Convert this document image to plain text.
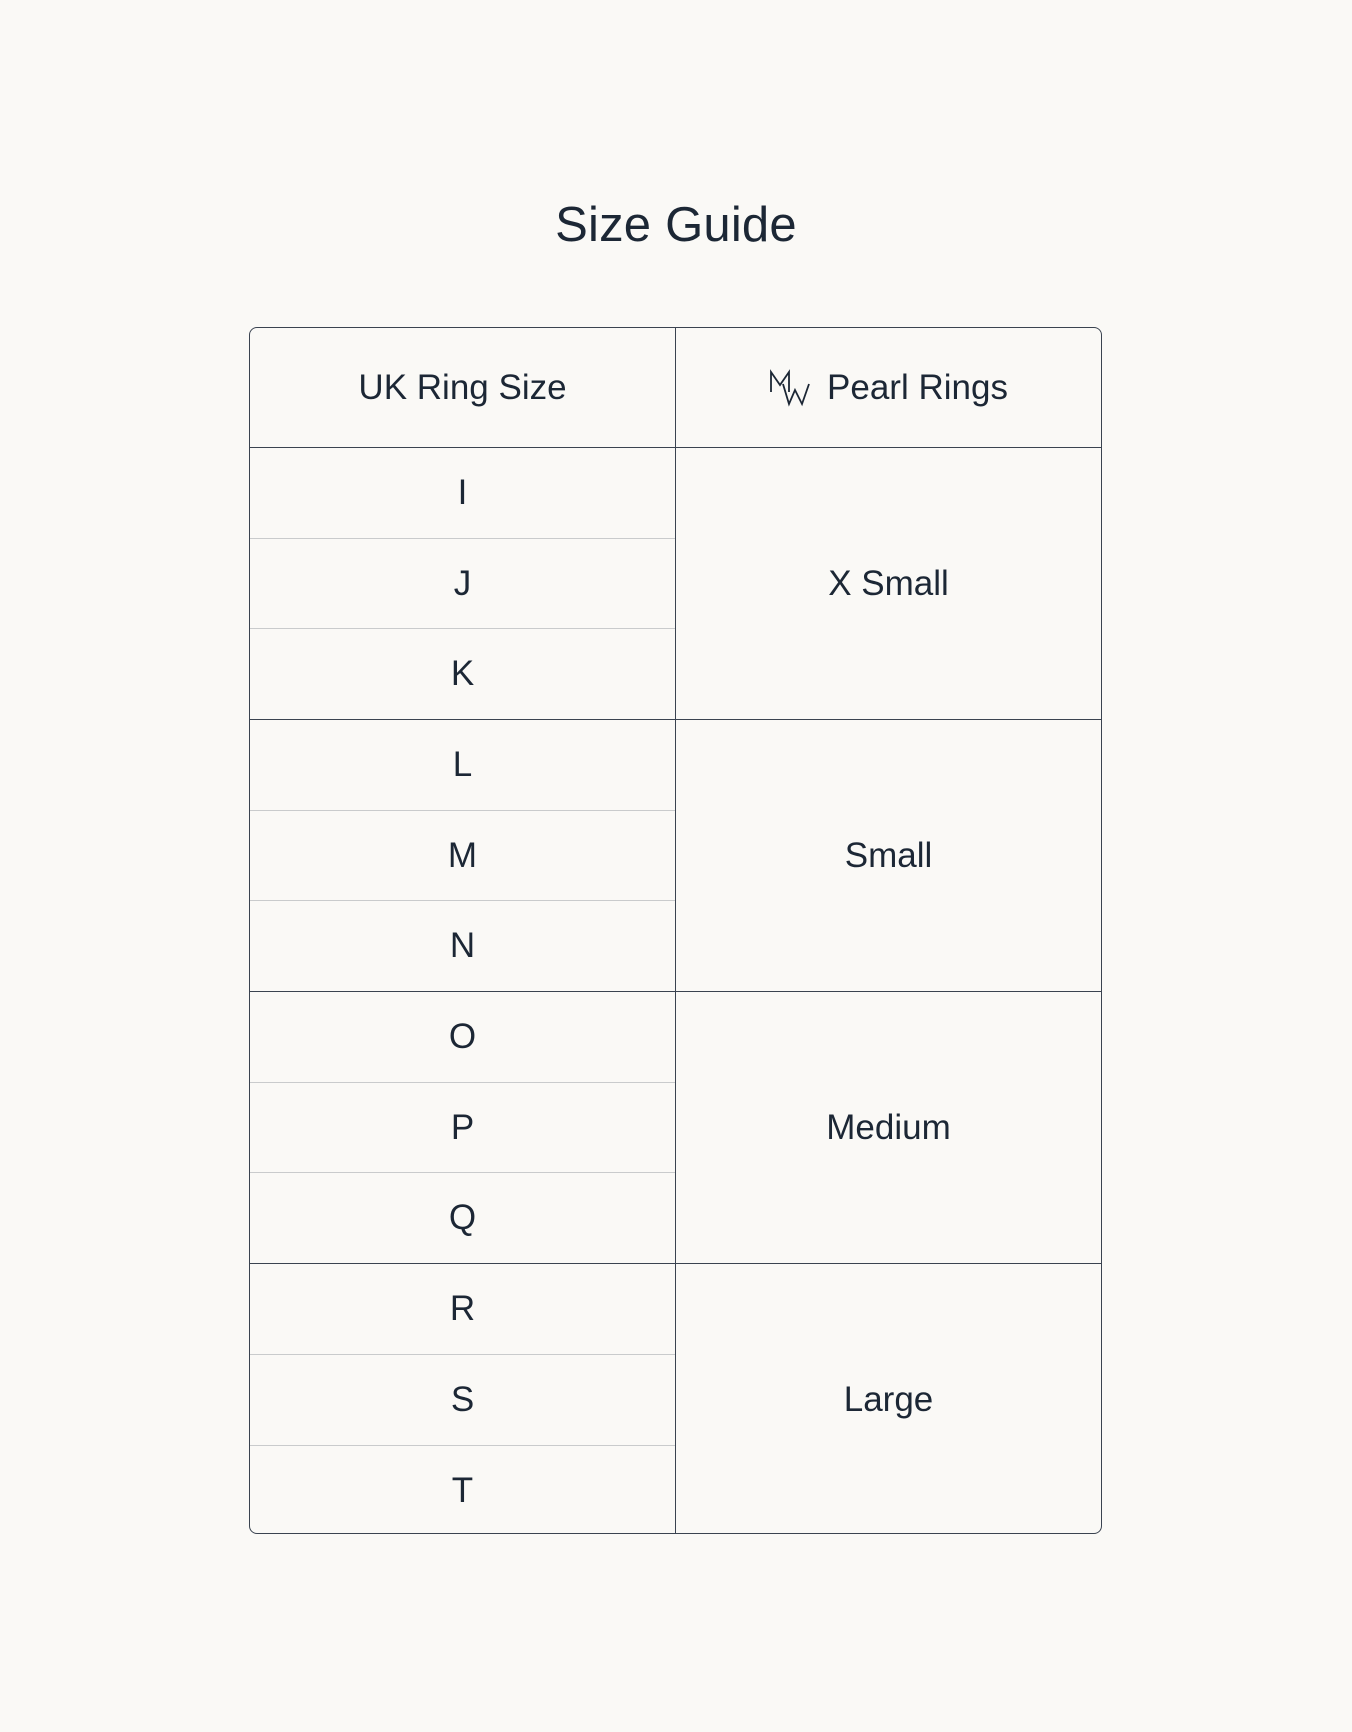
Size Guide
UK Ring Size	Pearl Rings
I
J
K
X Small
L
M
N
Small
O
P
Q
Medium
R
S
T
Large
